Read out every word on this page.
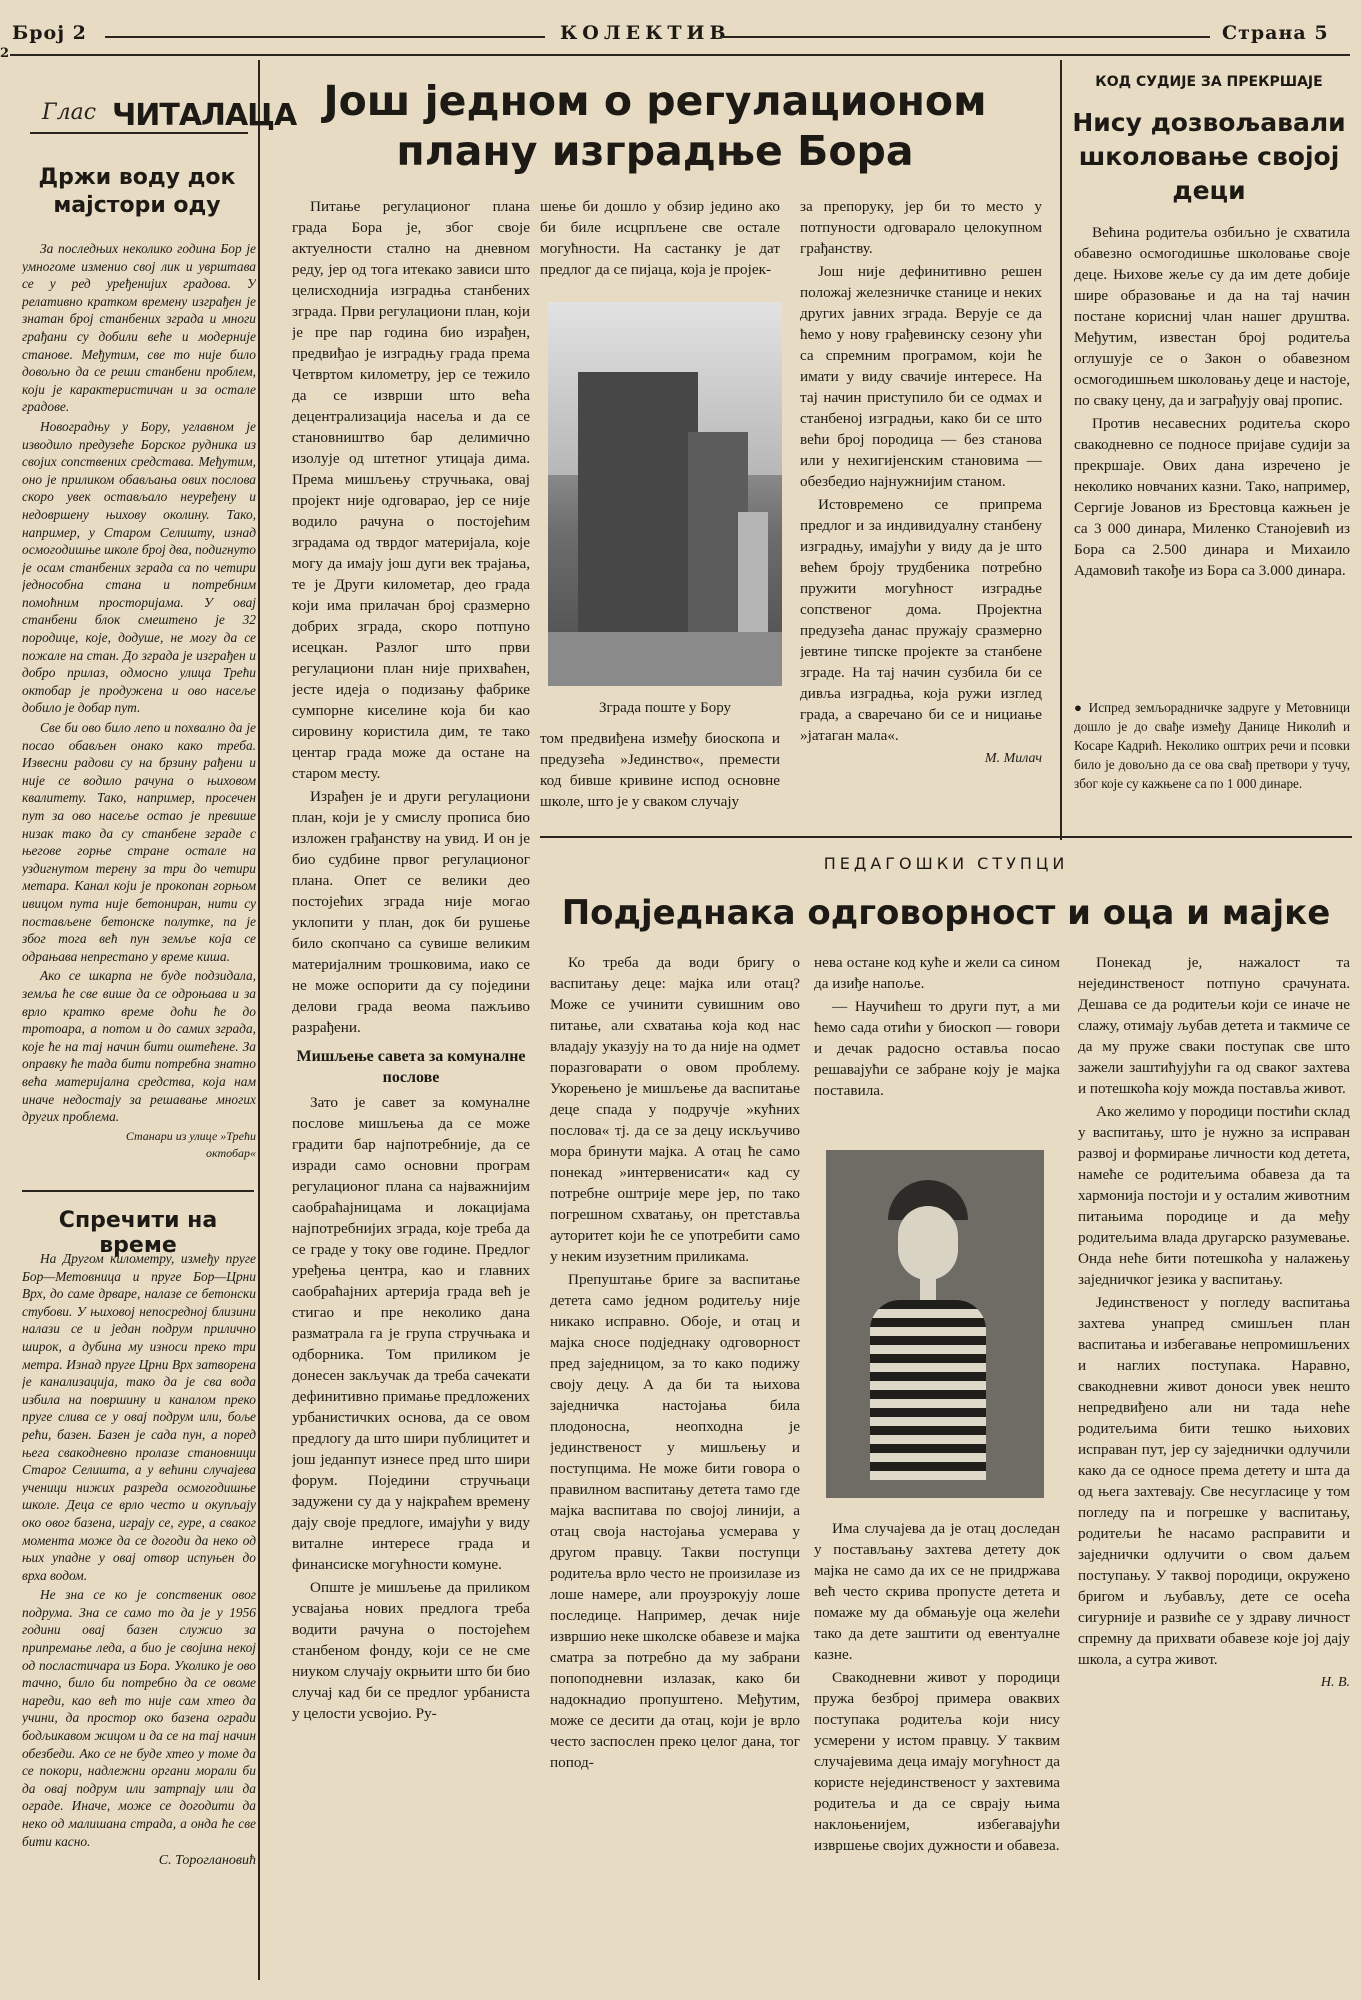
Број 2
2
КОЛЕКТИВ	Страна 5
Глас ЧИТАЛАЦА
Држи воду док мајстори оду

За последњих неколико година Бор је умногоме изменио свој лик и уврштава се у ред уређенијих градова. У релативно кратком времену изграђен је знатан број станбених зграда и многи грађани су добили веће и модерније станове. Међутим, све то није било довољно да се реши станбени проблем, који је карактеристичан и за остале градове.

Новоградњу у Бору, углавном је изводило предузеће Борског рудника из својих сопствених средстава. Међутим, оно је приликом обављања ових послова скоро увек остављало неуређену и недовршену њихову околину. Тако, например, у Старом Селишту, изнад осмогодишње школе број два, подигнуто је осам станбених зграда са по четири једнособна стана и потребним помоћним просторијама. У овај станбени блок смештено је 32 породице, које, додуше, не могу да се пожале на стан. До зграда је изграђен и добро прилаз, одмосно улица Трећи октобар је продужена и ово насеље добило је добар пут.

Све би ово било лепо и похвално да је посао обављен онако како треба. Извесни радови су на брзину рађени и није се водило рачуна о њиховом квалитету. Тако, например, просечен пут за ово насеље остао је превише низак тако да су станбене зграде с његове горње стране остале на уздигнутом терену за три до четири метара. Канал који је прокопан горњом ивицом пута није бетониран, нити су постављене бетонске полутке, па је због тога већ пун земље која се одрањава непрестано у време киша.

Ако се шкарпа не буде подзидала, земља ће све више да се одроњава и за врло кратко време доћи ће до тротоара, а потом и до самих зграда, које ће на тај начин бити оштећене. За оправку ће тада бити потребна знатно већа материјална средства, која нам иначе недостају за решавање многих других проблема.

Станари из улице »Трећи октобар«
Спречити на време

На Другом километру, између пруге Бор—Метовница и пруге Бор—Црни Врх, до саме дрваре, налазе се бетонски стубови. У њиховој непосредној близини налази се и један подрум прилично широк, а дубина му износи преко три метра. Изнад пруге Црни Врх затворена је канализација, тако да је сва вода избила на површину и каналом преко пруге слива се у овај подрум или, боље рећи, базен. Базен је сада пун, а поред њега свакодневно пролазе становници Старог Селишта, а у већини случајева ученици нижих разреда осмогодишње школе. Деца се врло често и окупљају око овог базена, играју се, гуре, а сваког момента може да се догоди да неко од њих упадне у овај отвор испуњен до врха водом.

Не зна се ко је сопственик овог подрума. Зна се само то да је у 1956 години овај базен служио за припремање леда, а био је својина некој од посластичара из Бора. Уколико је ово тачно, било би потребно да се овоме нареди, као већ то није сам хтео да учини, да простор око базена огради бодљикавом жицом и да се на тај начин обезбеди. Ако се не буде хтео у томе да се покори, надлежни органи морали би да овај подрум или затрпају или да ограде. Иначе, може се догодити да неко од малишана страда, а онда ће све бити касно.

С. Тороглановић
Још једном о регулационом
плану изградње Бора

Питање регулационог плана града Бора је, због своје актуелности стално на дневном реду, јер од тога итекако зависи што целисходнија изградња станбених зграда. Први регулациони план, који је пре пар година био израђен, предвиђао је изградњу града према Четвртом километру, јер се тежило да се изврши што већа децентрализација насеља и да се становништво бар делимично изолује од штетног утицаја дима. Према мишљењу стручњака, овај пројект није одговарао, јер се није водило рачуна о постојећим зградама од тврдог материјала, које могу да имају још дуги век трајања, те је Други километар, део града који има прилачан број сразмерно добрих зграда, скоро потпуно исецкан. Разлог што први регулациони план није прихваћен, јесте идеја о подизању фабрике сумпорне киселине која би као сировину користила дим, те тако центар града може да остане на старом месту.

Израђен је и други регулациони план, који је у смислу прописа био изложен грађанству на увид. И он је био судбине првог регулационог плана. Опет се велики део постојећих зграда није могао уклопити у план, док би рушење било скопчано са сувише великим материјалним трошковима, иако се не може оспорити да су поједини делови града веома пажљиво разрађени.

Мишљење савета за комуналне послове

Зато је савет за комуналне послове мишљења да се може градити бар најпотребније, да се изради само основни програм регулационог плана са најважнијим саобраћајницама и локацијама најпотребнијих зграда, које треба да се граде у току ове године. Предлог уређења центра, као и главних саобраћајних артерија града већ је стигао и пре неколико дана разматрала га је група стручњака и одборника. Том приликом је донесен закључак да треба сачекати дефинитивно примање предложених урбанистичких основа, да се овом предлогу да што шири публицитет и још једанпут изнесе пред што шири форум. Поједини стручњаци задужени су да у најкраћем времену дају своје предлоге, имајући у виду виталне интересе града и финансиске могућности комуне.

Опште је мишљење да приликом усвајања нових предлога треба водити рачуна о постојећем станбеном фонду, који се не сме ниуком случају окрњити што би био случај кад би се предлог урбаниста у целости усвојио. Ру-

шење би дошло у обзир једино ако би биле исцрпљене све остале могућности. На састанку је дат предлог да се пијаца, која је пројек-

Зграда поште у Бору

том предвиђена између биоскопа и предузећа »Јединство«, премести код бивше кривине испод основне школе, што је у сваком случају

за препоруку, јер би то место у потпуности одговарало целокупном грађанству.

Још није дефинитивно решен положај железничке станице и неких других јавних зграда. Верује се да ћемо у нову грађевинску сезону ући са спремним програмом, који ће имати у виду свачије интересе. На тај начин приступило би се одмах и станбеној изградњи, како би се што већи број породица — без станова или у нехигијенским становима — обезбедио најнужнијим станом.

Истовремено се припрема предлог и за индивидуалну станбену изградњу, имајући у виду да је што већем броју трудбеника потребно пружити могућност изградње сопственог дома. Пројектна предузећа данас пружају сразмерно јевтине типске пројекте за станбене зграде. На тај начин сузбила би се дивља изградња, која ружи изглед града, а сваречано би се и нициање »јатаган мала«.

М. Милач
КОД СУДИЈЕ ЗА ПРЕКРШАЈЕ
Нису дозвољавали школовање својој деци

Већина родитеља озбиљно је схватила обавезно осмогодишње школовање своје деце. Њихове жеље су да им дете добије шире образовање и да на тај начин постане корисниј члан нашег друштва. Међутим, известан број родитеља оглушује се о Закон о обавезном осмогодишњем школовању деце и настоје, по сваку цену, да и заграђују овај пропис.

Против несавесних родитеља скоро свакодневно се подносе пријаве судији за прекршаје. Ових дана изречено је неколико новчаних казни. Тако, например, Сергије Јованов из Брестовца кажњен је са 3 000 динара, Миленко Станојевић из Бора са 2.500 динара и Михаило Адамовић такође из Бора са 3.000 динара.

● Испред земљорадничке задруге у Метовници дошло је до свађе између Данице Николић и Косаре Кадрић. Неколико оштрих речи и псовки било је довољно да се ова свађ претвори у тучу, због које су кажњене са по 1 000 динаре.

ПЕДАГОШКИ СТУПЦИ
Подједнака одговорност и оца и мајке

Ко треба да води бригу о васпитању деце: мајка или отац? Може се учинити сувишним ово питање, али схватања која код нас владају указују на то да није на одмет поразговарати о овом проблему. Укорењено је мишљење да васпитање деце спада у подручје »кућних послова« тј. да се за децу искључиво мора бринути мајка. А отац ће само понекад »интервенисати« кад су потребне оштрије мере јер, по тако погрешном схватању, он претставља ауторитет који ће се употребити само у неким изузетним приликама.

Препуштање бриге за васпитање детета само једном родитељу није никако исправно. Обоје, и отац и мајка сносе подједнаку одговорност пред заједницом, за то како подижу своју децу. А да би та њихова заједничка настојања била плодоносна, неопходна је јединственост у мишљењу и поступцима. Не може бити говора о правилном васпитању детета тамо где мајка васпитава по својој линији, а отац своја настојања усмерава у другом правцу. Такви поступци родитеља врло често не произилазе из лоше намере, али проузрокују лоше последице. Например, дечак није извршио неке школске обавезе и мајка сматра за потребно да му забрани попоподневни излазак, како би надокнадио пропуштено. Међутим, може се десити да отац, који је врло често заспослен преко целог дана, тог попод-

нева остане код куће и жели са сином да изиђе напоље.

— Научићеш то други пут, а ми ћемо сада отићи у биоскоп — говори и дечак радосно оставља посао решавајући се забране коју је мајка поставила.

Има случајева да је отац доследан у постављању захтева детету док мајка не само да их се не придржава већ често скрива пропусте детета и помаже му да обмањује оца желећи тако да дете заштити од евентуалне казне.

Свакодневни живот у породици пружа безброј примера оваквих поступака родитеља који нису усмерени у истом правцу. У таквим случајевима деца имају могућност да користе нејединственост у захтевима родитеља и да се сврају њима наклоњенијем, избегавајући извршење својих дужности и обавеза.

Понекад је, нажалост та нејединственост потпуно срачуната. Дешава се да родитељи који се иначе не слажу, отимају љубав детета и такмиче се да му пруже сваки поступак све што зажели заштићујући га од сваког захтева и потешкоћа коју можда поставља живот.

Ако желимо у породици постићи склад у васпитању, што је нужно за исправан развој и формирање личности код детета, намеће се родитељима обавеза да та хармонија постоји и у осталим животним питањима породице и да међу родитељима влада другарско разумевање. Онда неће бити потешкоћа у налажењу заједничког језика у васпитању.

Јединственост у погледу васпитања захтева унапред смишљен план васпитања и избегавање непромишљених и наглих поступака. Наравно, свакодневни живот доноси увек нешто непредвиђено али ни тада неће родитељима бити тешко њихових исправан пут, јер су заједнички одлучили како да се односе према детету и шта да од њега захтевају. Све несугласице у том погледу па и погрешке у васпитању, родитељи ће насамо расправити и заједнички одлучити о свом даљем поступању. У таквој породици, окружено бригом и љубављу, дете се осећа сигурније и развиће се у здраву личност спремну да прихвати обавезе које јој дају школа, а сутра живот.

Н. В.
